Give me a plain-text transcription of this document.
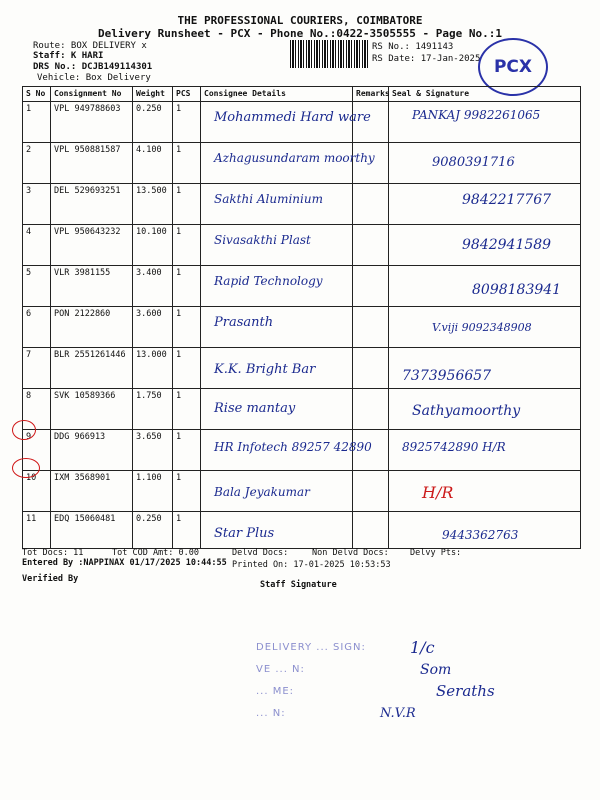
THE PROFESSIONAL COURIERS, COIMBATORE
Delivery Runsheet - PCX - Phone No.:0422-3505555 - Page No.:1
Route: BOX DELIVERY x
Staff: K HARI
DRS No.: DCJB149114301
Vehicle: Box Delivery
RS No.: 1491143
RS Date: 17-Jan-2025 PCX
S No	Consignment No	Weight	PCS	Consignee Details	Remarks	Seal & Signature
1	VPL 949788603	0.250	1	Mohammedi Hard ware		PANKAJ 9982261065

2	VPL 950881587	4.100	1	Azhagusundaram moorthy		9080391716

3	DEL 529693251	13.500	1	Sakthi Aluminium		9842217767

4	VPL 950643232	10.100	1	Sivasakthi Plast		9842941589

5	VLR 3981155	3.400	1	Rapid Technology		8098183941

6	PON 2122860	3.600	1	Prasanth		V.viji 9092348908

7	BLR 2551261446	13.000	1	K.K. Bright Bar		7373956657

8	SVK 10589366	1.750	1	Rise mantay		Sathyamoorthy

9	DDG 966913	3.650	1	HR Infotech 89257 42890		8925742890 H/R

10	IXM 3568901	1.100	1	Bala Jeyakumar		H/R

11	EDQ 15060481	0.250	1	Star Plus		9443362763
Tot Docs: 11	Tot COD Amt: 0.00	Delvd Docs:	Non Delvd Docs: Delvy Pts:
Entered By :NAPPINAX 01/17/2025 10:44:55 Printed On: 17-01-2025 10:53:53
Verified By
Staff Signature
DELIVERY ... SIGN:
VE ... N:
... ME:
... N:
1/c
Som
Seraths
N.V.R
